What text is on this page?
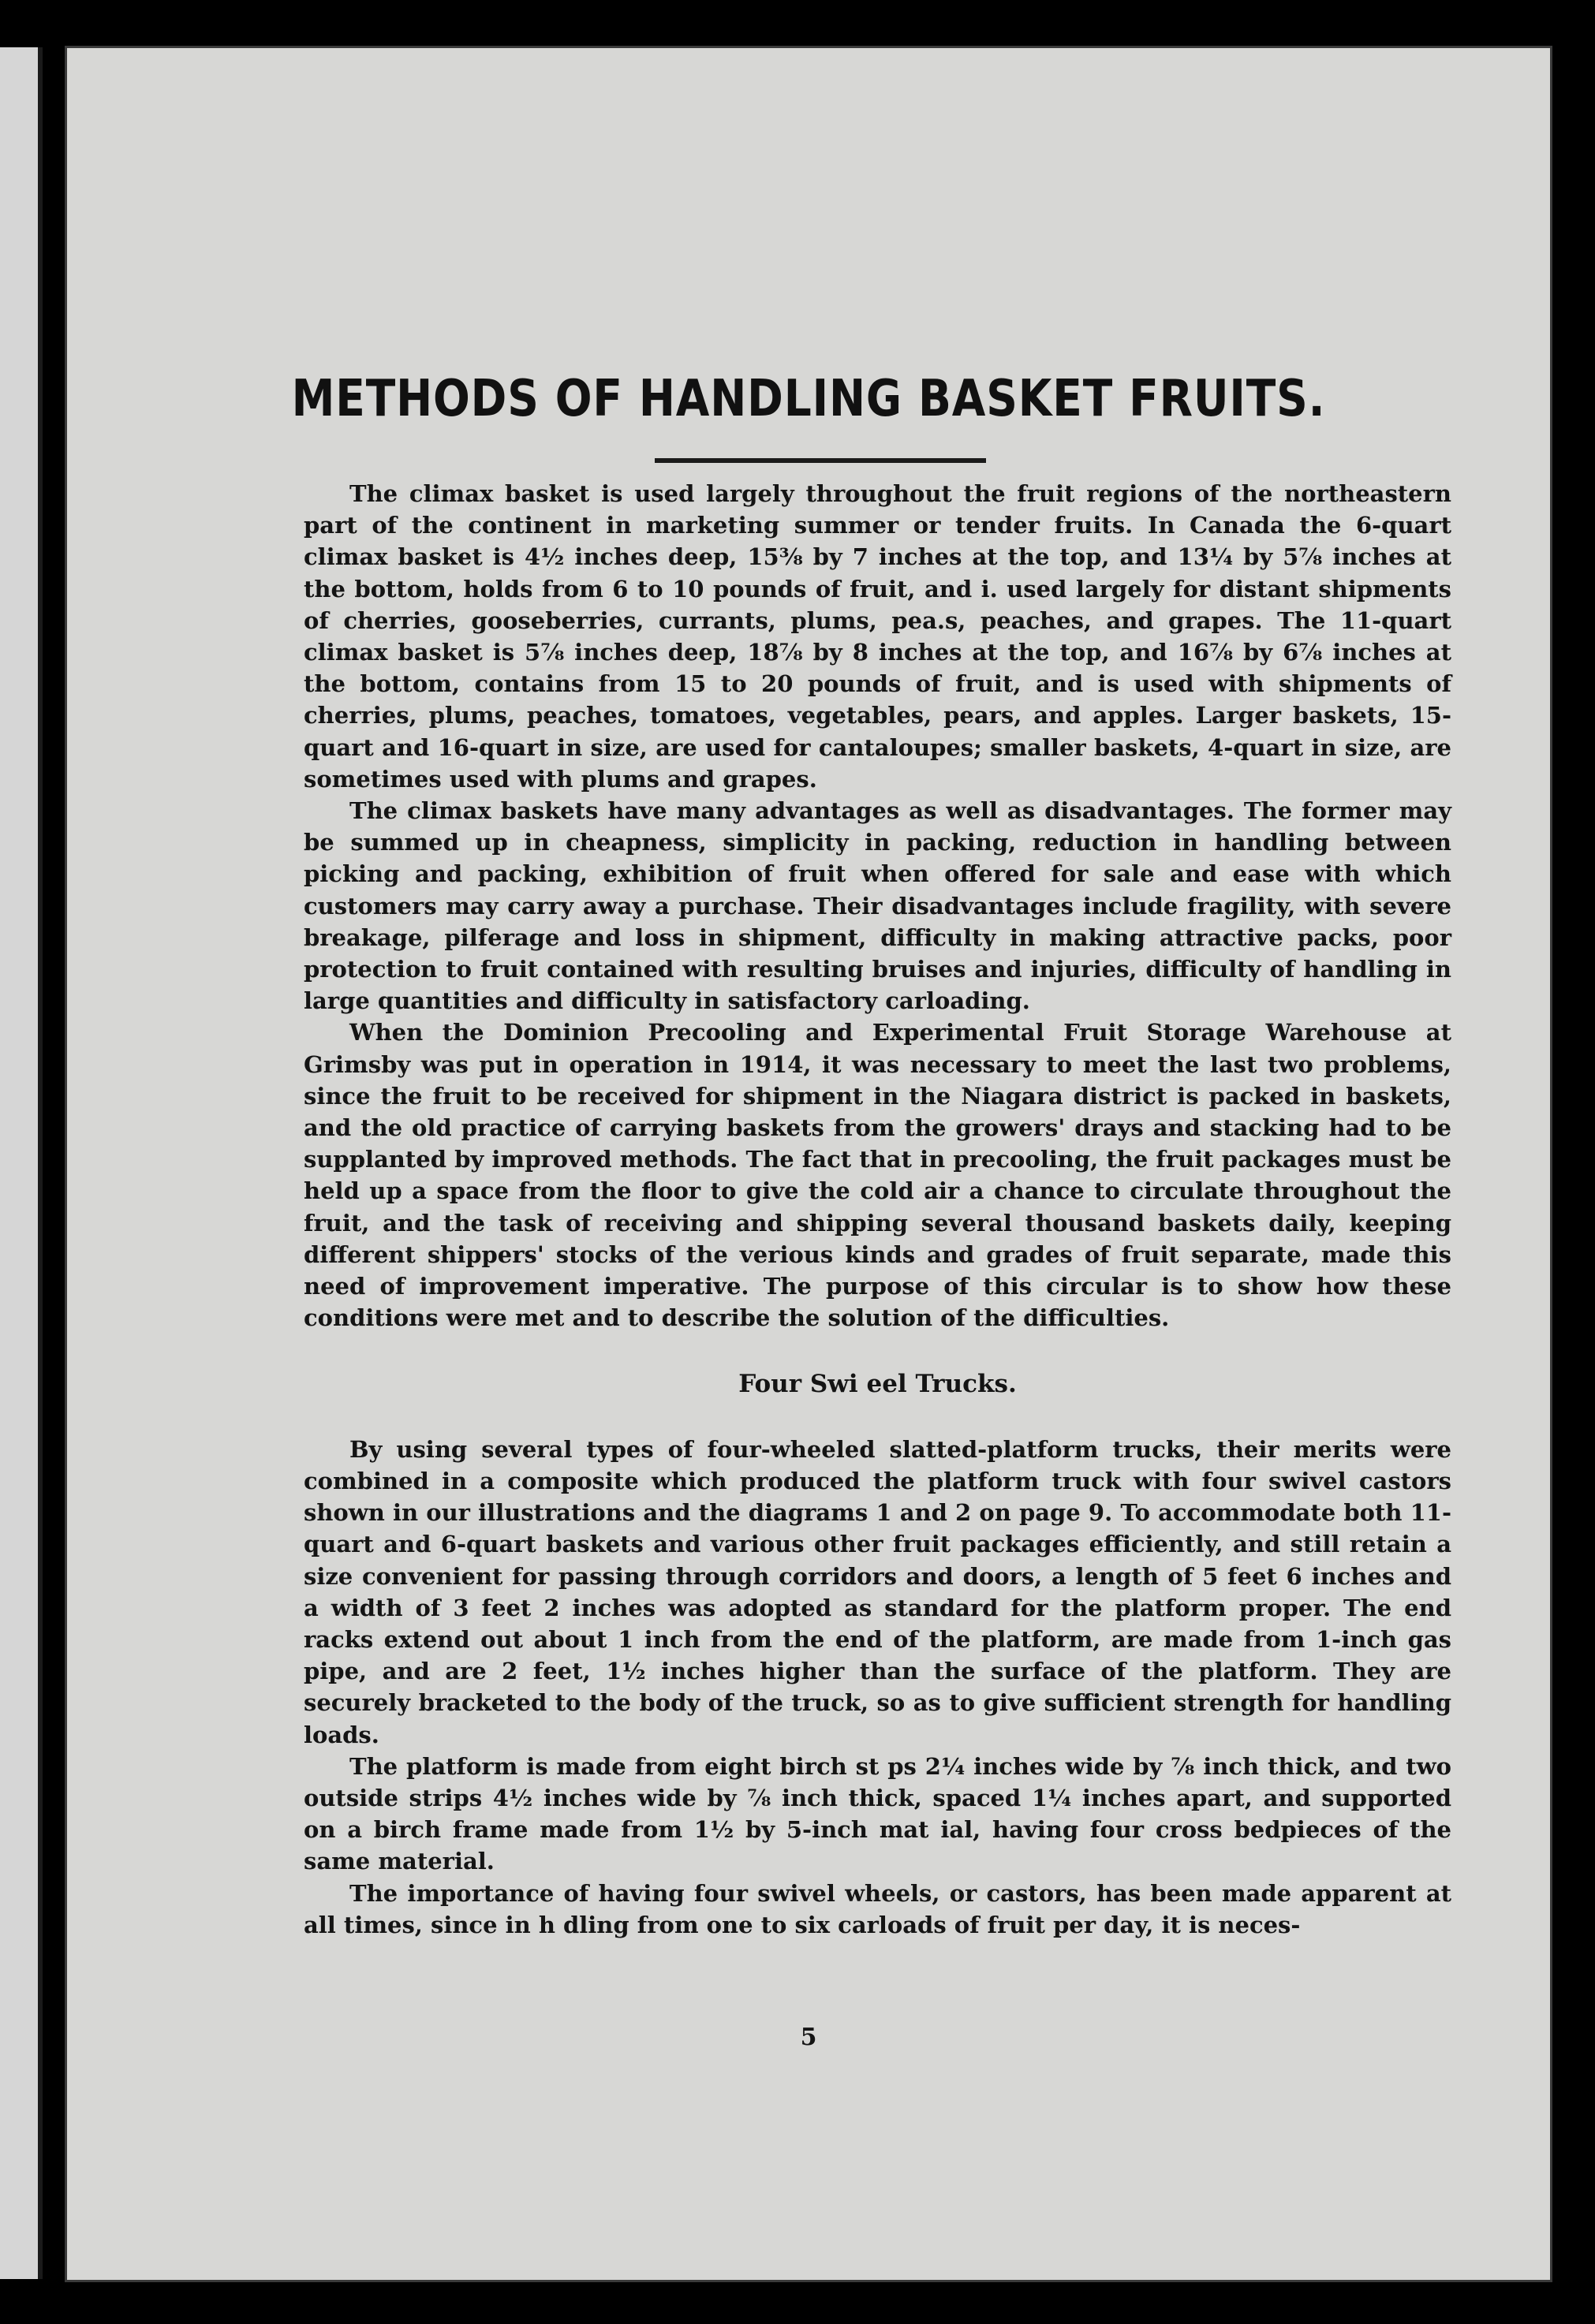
METHODS OF HANDLING BASKET FRUITS.

The climax basket is used largely throughout the fruit regions of the northeastern part of the continent in marketing summer or tender fruits. In Canada the 6-quart climax basket is 4½ inches deep, 15⅜ by 7 inches at the top, and 13¼ by 5⅞ inches at the bottom, holds from 6 to 10 pounds of fruit, and i. used largely for distant shipments of cherries, gooseberries, currants, plums, pea.s, peaches, and grapes. The 11-quart climax basket is 5⅞ inches deep, 18⅞ by 8 inches at the top, and 16⅞ by 6⅞ inches at the bottom, contains from 15 to 20 pounds of fruit, and is used with shipments of cherries, plums, peaches, tomatoes, vegetables, pears, and apples. Larger baskets, 15-quart and 16-quart in size, are used for cantaloupes; smaller baskets, 4-quart in size, are sometimes used with plums and grapes.

The climax baskets have many advantages as well as disadvantages. The former may be summed up in cheapness, simplicity in packing, reduction in handling between picking and packing, exhibition of fruit when offered for sale and ease with which customers may carry away a purchase. Their disadvantages include fragility, with severe breakage, pilferage and loss in shipment, difficulty in making attractive packs, poor protection to fruit contained with resulting bruises and injuries, difficulty of handling in large quantities and difficulty in satisfactory carloading.

When the Dominion Precooling and Experimental Fruit Storage Warehouse at Grimsby was put in operation in 1914, it was necessary to meet the last two problems, since the fruit to be received for shipment in the Niagara district is packed in baskets, and the old practice of carrying baskets from the growers' drays and stacking had to be supplanted by improved methods. The fact that in precooling, the fruit packages must be held up a space from the floor to give the cold air a chance to circulate throughout the fruit, and the task of receiving and shipping several thousand baskets daily, keeping different shippers' stocks of the verious kinds and grades of fruit separate, made this need of improvement imperative. The purpose of this circular is to show how these conditions were met and to describe the solution of the difficulties.

Four Swi eel Trucks.

By using several types of four-wheeled slatted-platform trucks, their merits were combined in a composite which produced the platform truck with four swivel castors shown in our illustrations and the diagrams 1 and 2 on page 9. To accommodate both 11-quart and 6-quart baskets and various other fruit packages efficiently, and still retain a size convenient for passing through corridors and doors, a length of 5 feet 6 inches and a width of 3 feet 2 inches was adopted as standard for the platform proper. The end racks extend out about 1 inch from the end of the platform, are made from 1-inch gas pipe, and are 2 feet, 1½ inches higher than the surface of the platform. They are securely bracketed to the body of the truck, so as to give sufficient strength for handling loads.

The platform is made from eight birch st ps 2¼ inches wide by ⅞ inch thick, and two outside strips 4½ inches wide by ⅞ inch thick, spaced 1¼ inches apart, and supported on a birch frame made from 1½ by 5-inch mat ial, having four cross bedpieces of the same material.

The importance of having four swivel wheels, or castors, has been made apparent at all times, since in h dling from one to six carloads of fruit per day, it is neces-

5
